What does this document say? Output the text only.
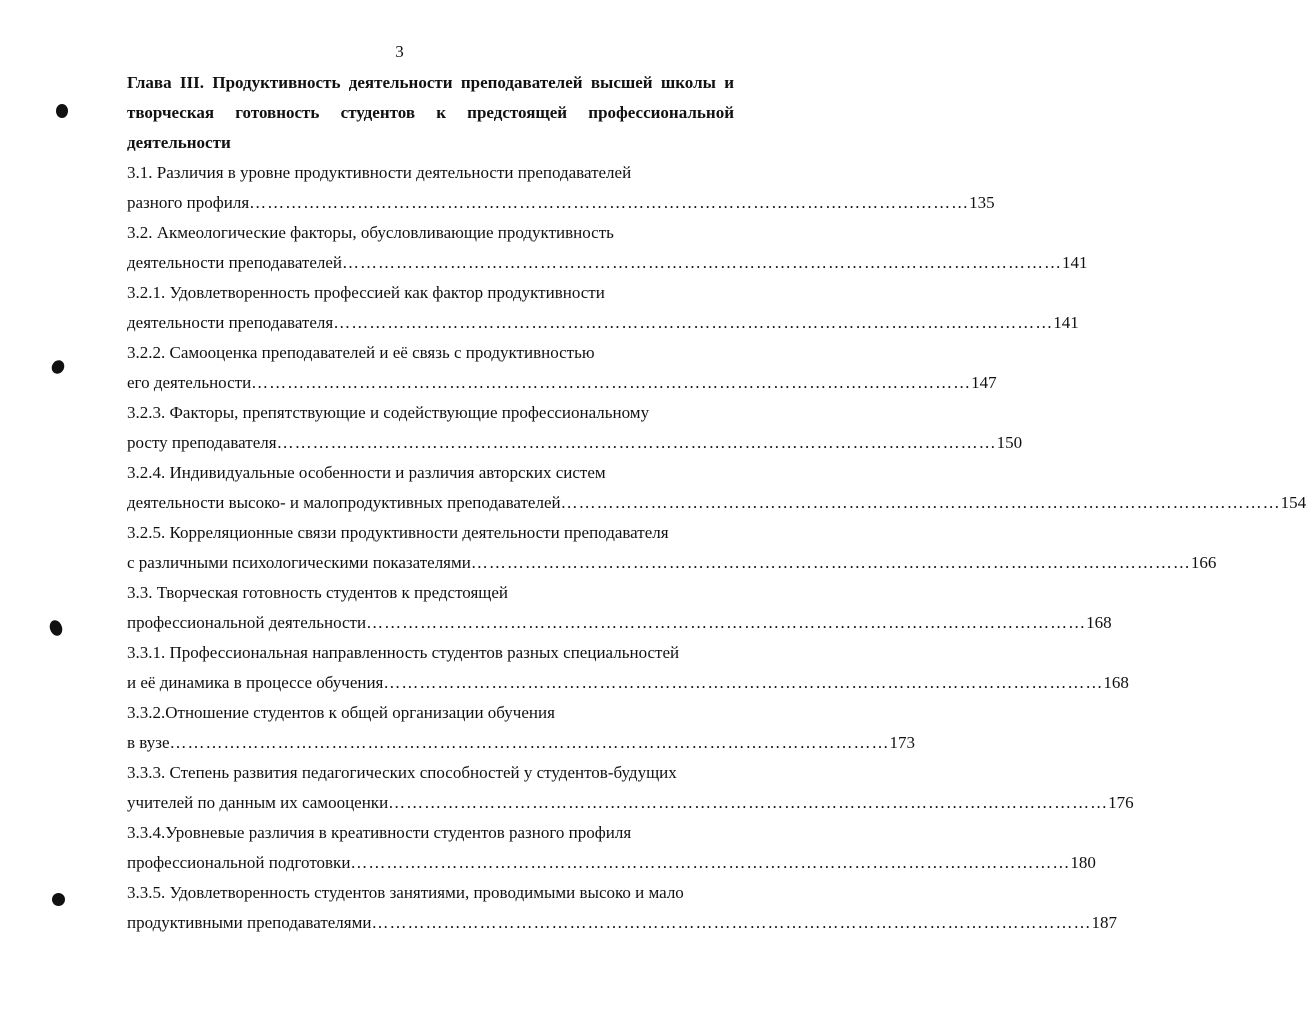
3
Глава III. Продуктивность деятельности преподавателей высшей школы и
творческая готовность студентов к предстоящей профессиональной
деятельности
3.1. Различия в уровне продуктивности деятельности преподавателей
разного профиля ………………………………………………………………………………………………………… 135
3.2. Акмеологические факторы, обусловливающие продуктивность
деятельности преподавателей ………………………………………………………………………………………………………… 141
3.2.1. Удовлетворенность профессией как фактор продуктивности
деятельности преподавателя ………………………………………………………………………………………………………… 141
3.2.2. Самооценка преподавателей и её связь с продуктивностью
его деятельности ………………………………………………………………………………………………………… 147
3.2.3. Факторы, препятствующие и содействующие профессиональному
росту преподавателя ………………………………………………………………………………………………………… 150
3.2.4. Индивидуальные особенности и различия авторских систем
деятельности высоко- и малопродуктивных преподавателей ………………………………………………………………………………………………………… 154
3.2.5. Корреляционные связи продуктивности деятельности преподавателя
с различными психологическими показателями ………………………………………………………………………………………………………… 166
3.3. Творческая готовность студентов к предстоящей
профессиональной деятельности ………………………………………………………………………………………………………… 168
3.3.1. Профессиональная направленность студентов разных специальностей
и её динамика в процессе обучения ………………………………………………………………………………………………………… 168
3.3.2.Отношение студентов к общей организации обучения
в вузе ………………………………………………………………………………………………………… 173
3.3.3. Степень развития педагогических способностей у студентов-будущих
учителей по данным их самооценки ………………………………………………………………………………………………………… 176
3.3.4.Уровневые различия в креативности студентов разного профиля
профессиональной подготовки ………………………………………………………………………………………………………… 180
3.3.5. Удовлетворенность студентов занятиями, проводимыми высоко и мало
продуктивными преподавателями ………………………………………………………………………………………………………… 187
